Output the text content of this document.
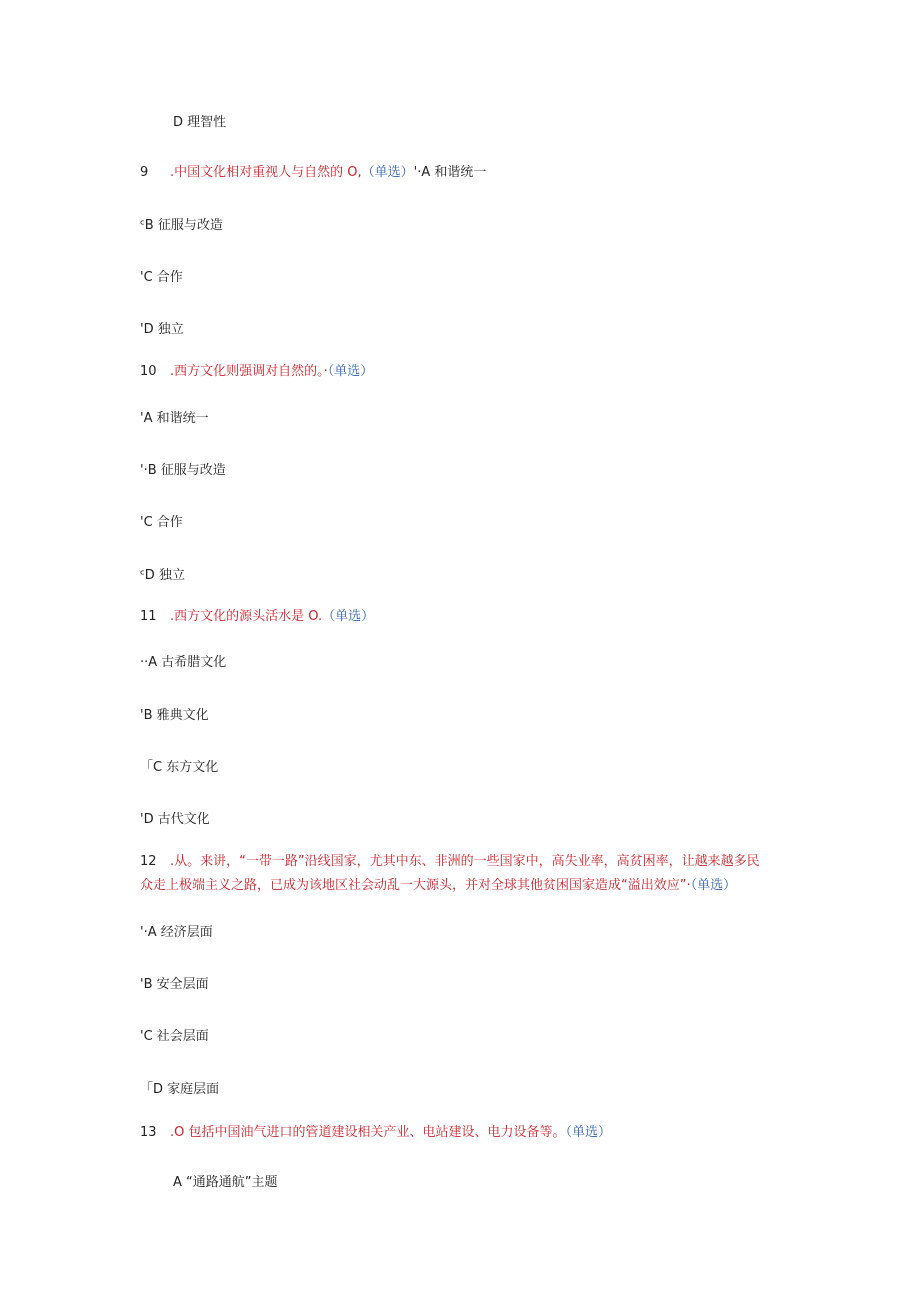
D 理智性
9 .中国文化相对重视人与自然的 O,（单选）'·A 和谐统一
ᶜB 征服与改造
'C 合作
'D 独立
10 .西方文化则强调对自然的。·（单选）
'A 和谐统一
'·B 征服与改造
'C 合作
ᶜD 独立
11 .西方文化的源头活水是 O.（单选）
··A 古希腊文化
'B 雅典文化
「C 东方文化
'D 古代文化
12 .从。来讲，“一带一路”沿线国家，尤其中东、非洲的一些国家中，高失业率，高贫困率，让越来越多民
众走上极端主义之路，已成为该地区社会动乱一大源头，并对全球其他贫困国家造成“溢出效应”·（单选）
'·A 经济层面
'B 安全层面
'C 社会层面
「D 家庭层面
13 .O 包括中国油气进口的管道建设相关产业、电站建设、电力设备等。（单选）
A “通路通航”主题
